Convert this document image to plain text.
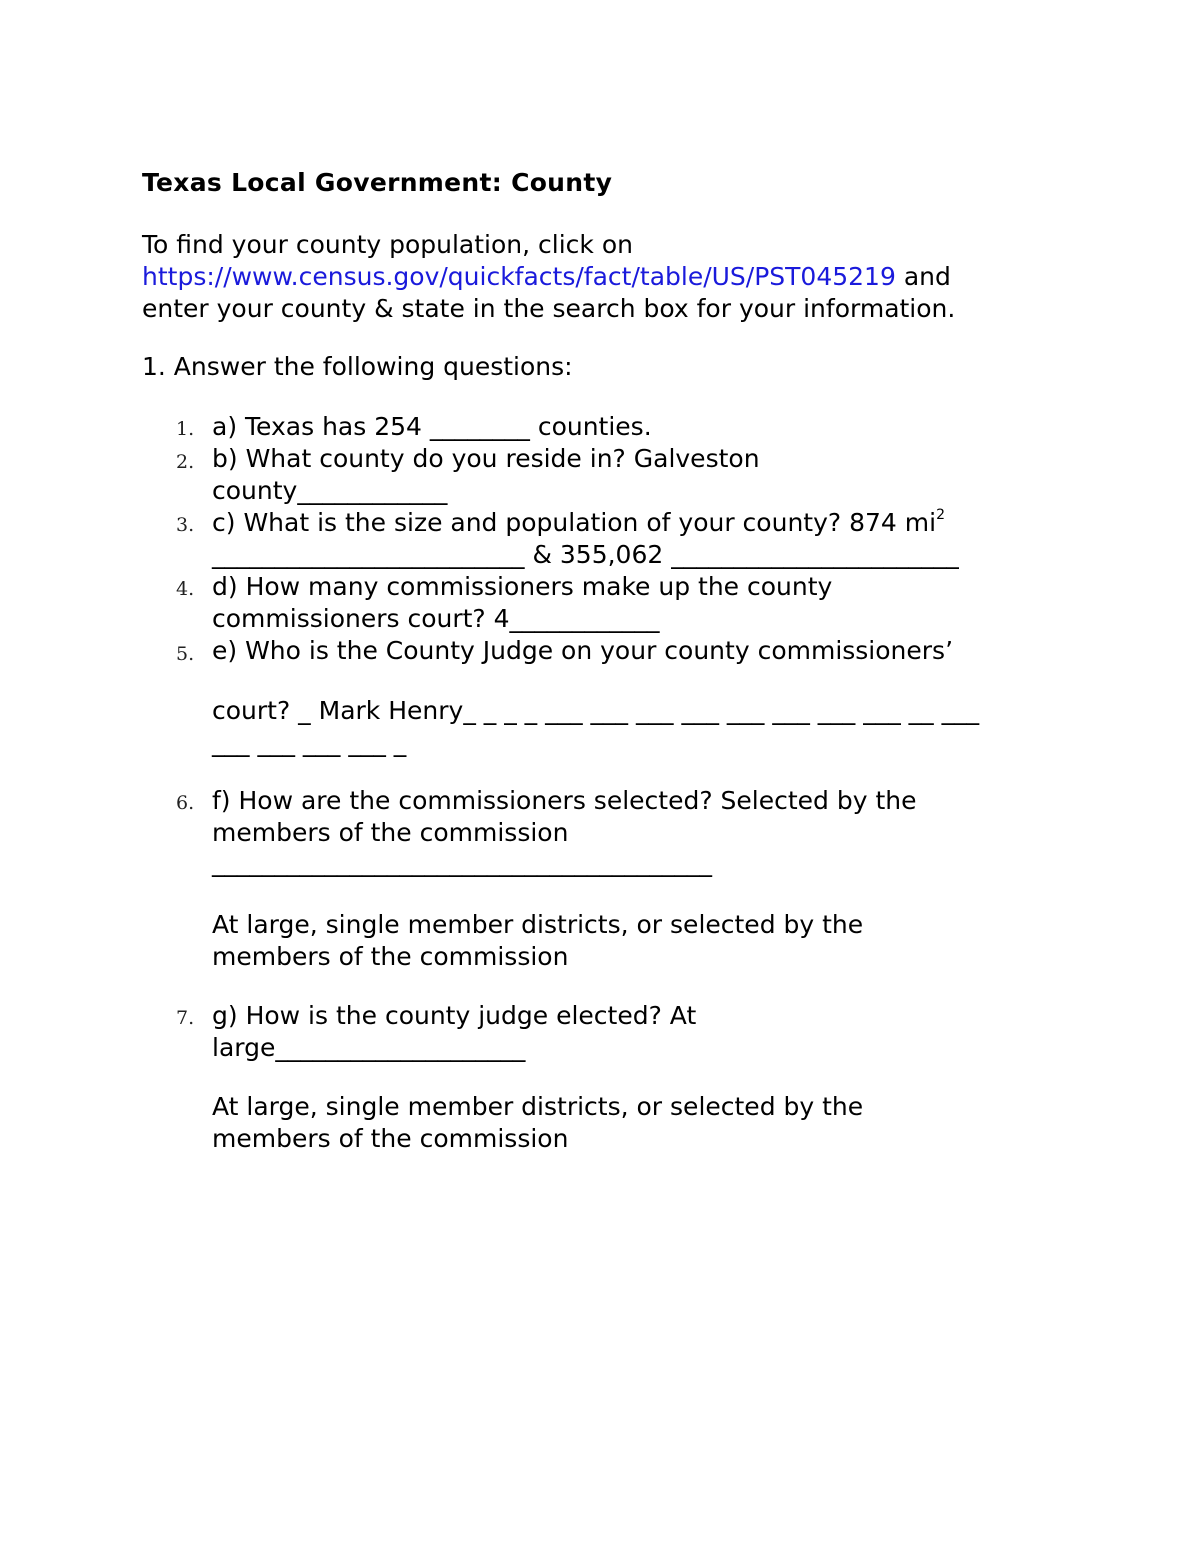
Texas Local Government: County
To find your county population, click on
https://www.census.gov/quickfacts/fact/table/US/PST045219 and
enter your county & state in the search box for your information.
1. Answer the following questions:
1. a) Texas has 254 ________ counties.
2. b) What county do you reside in? Galveston
county____________
3. c) What is the size and population of your county? 874 $mi^2$
_________________________ & 355,062 _______________________
4. d) How many commissioners make up the county
commissioners court? 4____________
5. e) Who is the County Judge on your county commissioners’
court? _ Mark Henry_ _ _ _ ___ ___ ___ ___ ___ ___ ___ ___ __ ___
___ ___ ___ ___ _
6. f) How are the commissioners selected? Selected by the
members of the commission
________________________________________
At large, single member districts, or selected by the
members of the commission
7. g) How is the county judge elected? At
large____________________
At large, single member districts, or selected by the
members of the commission
